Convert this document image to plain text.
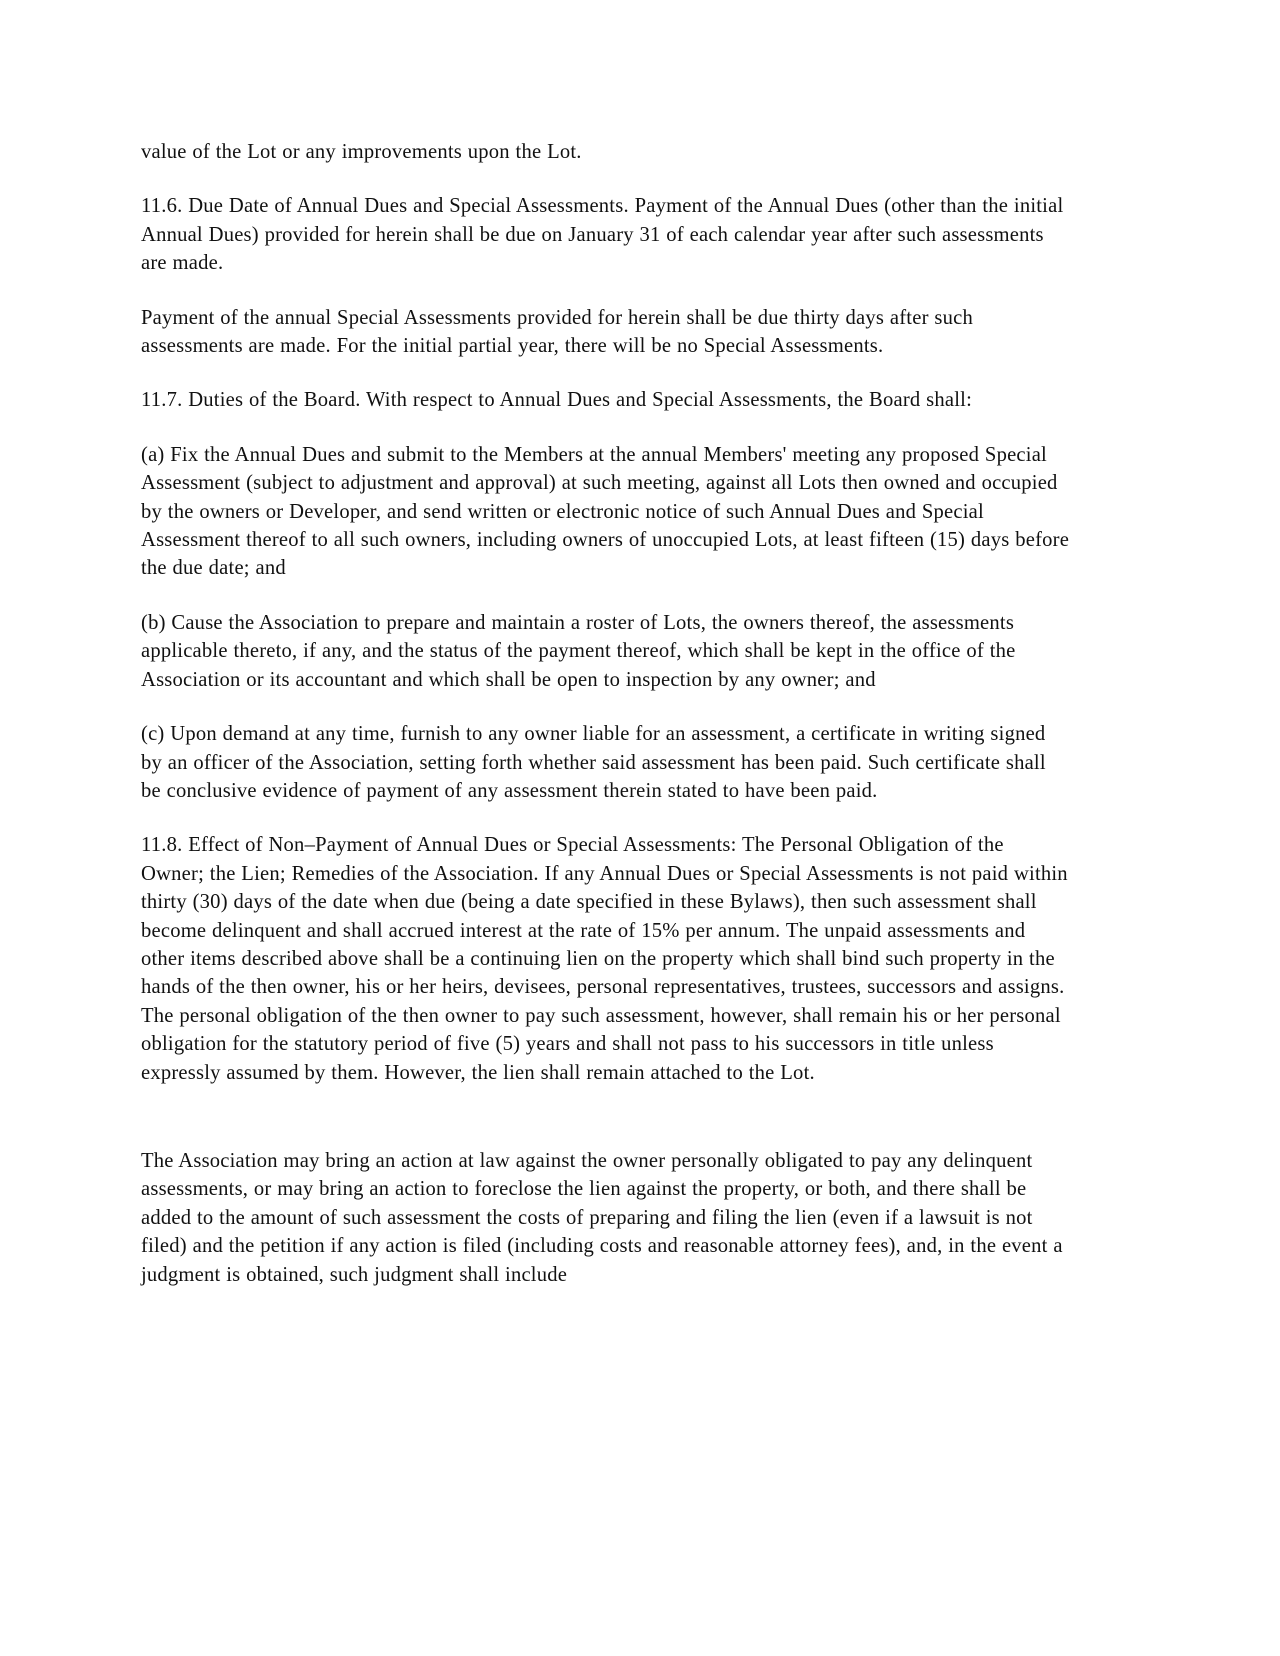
value of the Lot or any improvements upon the Lot.

11.6. Due Date of Annual Dues and Special Assessments. Payment of the Annual Dues (other than the initial Annual Dues) provided for herein shall be due on January 31 of each calendar year after such assessments are made.

Payment of the annual Special Assessments provided for herein shall be due thirty days after such assessments are made. For the initial partial year, there will be no Special Assessments.

11.7. Duties of the Board. With respect to Annual Dues and Special Assessments, the Board shall:

(a) Fix the Annual Dues and submit to the Members at the annual Members' meeting any proposed Special Assessment (subject to adjustment and approval) at such meeting, against all Lots then owned and occupied by the owners or Developer, and send written or electronic notice of such Annual Dues and Special Assessment thereof to all such owners, including owners of unoccupied Lots, at least fifteen (15) days before the due date; and

(b) Cause the Association to prepare and maintain a roster of Lots, the owners thereof, the assessments applicable thereto, if any, and the status of the payment thereof, which shall be kept in the office of the Association or its accountant and which shall be open to inspection by any owner; and

(c) Upon demand at any time, furnish to any owner liable for an assessment, a certificate in writing signed by an officer of the Association, setting forth whether said assessment has been paid. Such certificate shall be conclusive evidence of payment of any assessment therein stated to have been paid.

11.8. Effect of Non–Payment of Annual Dues or Special Assessments: The Personal Obligation of the Owner; the Lien; Remedies of the Association. If any Annual Dues or Special Assessments is not paid within thirty (30) days of the date when due (being a date specified in these Bylaws), then such assessment shall become delinquent and shall accrued interest at the rate of 15% per annum. The unpaid assessments and other items described above shall be a continuing lien on the property which shall bind such property in the hands of the then owner, his or her heirs, devisees, personal representatives, trustees, successors and assigns. The personal obligation of the then owner to pay such assessment, however, shall remain his or her personal obligation for the statutory period of five (5) years and shall not pass to his successors in title unless expressly assumed by them. However, the lien shall remain attached to the Lot.

The Association may bring an action at law against the owner personally obligated to pay any delinquent assessments, or may bring an action to foreclose the lien against the property, or both, and there shall be added to the amount of such assessment the costs of preparing and filing the lien (even if a lawsuit is not filed) and the petition if any action is filed (including costs and reasonable attorney fees), and, in the event a judgment is obtained, such judgment shall include
